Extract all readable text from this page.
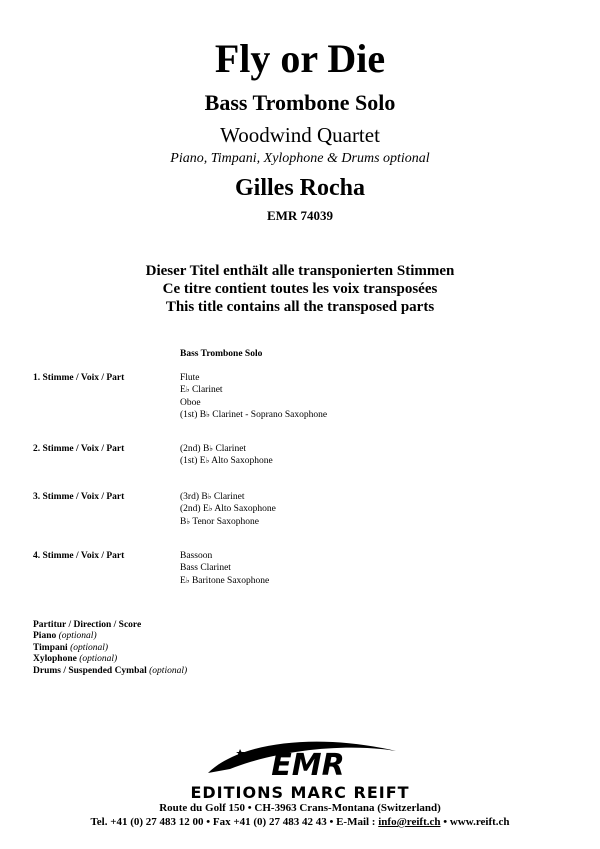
Fly or Die
Bass Trombone Solo
Woodwind Quartet
Piano, Timpani, Xylophone & Drums optional
Gilles Rocha
EMR 74039
Dieser Titel enthält alle transponierten Stimmen
Ce titre contient toutes les voix transposées
This title contains all the transposed parts
Bass Trombone Solo
1. Stimme / Voix / Part	Flute
E♭ Clarinet
Oboe
(1st) B♭ Clarinet - Soprano Saxophone
2. Stimme / Voix / Part	(2nd) B♭ Clarinet
(1st) E♭ Alto Saxophone
3. Stimme / Voix / Part	(3rd) B♭ Clarinet
(2nd) E♭ Alto Saxophone
B♭ Tenor Saxophone
4. Stimme / Voix / Part	Bassoon
Bass Clarinet
E♭ Baritone Saxophone
Partitur / Direction / Score
Piano (optional)
Timpani (optional)
Xylophone (optional)
Drums / Suspended Cymbal (optional)
EMR
EDITIONS MARC REIFT
Route du Golf 150 • CH-3963 Crans-Montana (Switzerland)
Tel. +41 (0) 27 483 12 00 • Fax +41 (0) 27 483 42 43 • E-Mail : info@reift.ch • www.reift.ch
